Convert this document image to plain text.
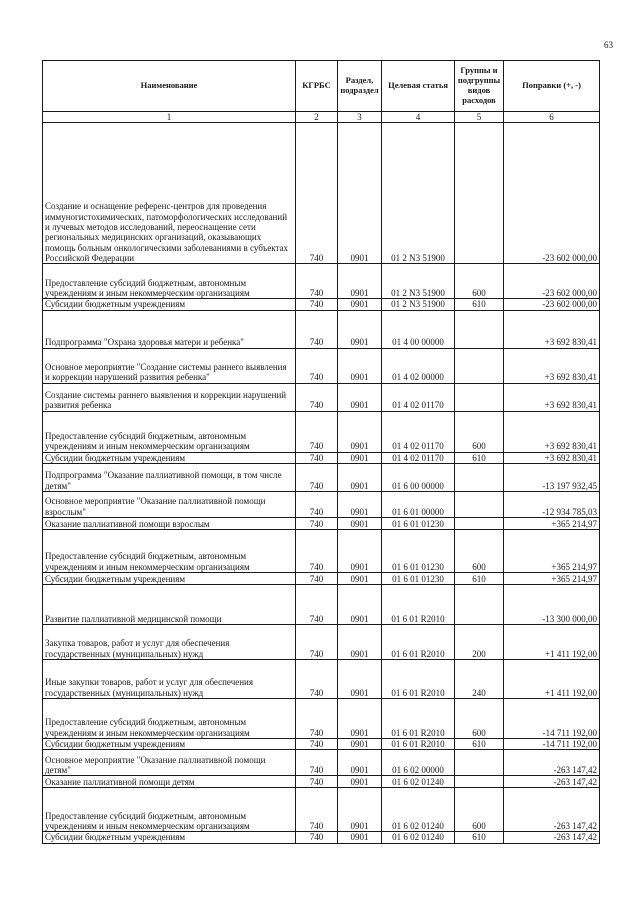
63
Наименование	КГРБС	Раздел, подраздел	Целевая статья	Группы и подгруппы видов расходов	Поправки (+, -)
1	2	3	4	5	6
Создание и оснащение референс-центров для проведения иммуногистохимических, патоморфологических исследований и лучевых методов исследований, переоснащение сети региональных медицинских организаций, оказывающих помощь больным онкологическими заболеваниями в субъектах Российской Федерации	740	0901	01 2 N3 51900		-23 602 000,00
Предоставление субсидий бюджетным, автономным учреждениям и иным некоммерческим организациям	740	0901	01 2 N3 51900	600	-23 602 000,00
Субсидии бюджетным учреждениям	740	0901	01 2 N3 51900	610	-23 602 000,00
Подпрограмма "Охрана здоровья матери и ребенка"	740	0901	01 4 00 00000		+3 692 830,41
Основное мероприятие "Создание системы раннего выявления и коррекции нарушений развития ребенка"	740	0901	01 4 02 00000		+3 692 830,41
Создание системы раннего выявления и коррекции нарушений развития ребенка	740	0901	01 4 02 01170		+3 692 830,41
Предоставление субсидий бюджетным, автономным учреждениям и иным некоммерческим организациям	740	0901	01 4 02 01170	600	+3 692 830,41
Субсидии бюджетным учреждениям	740	0901	01 4 02 01170	610	+3 692 830,41
Подпрограмма "Оказание паллиативной помощи, в том числе детям"	740	0901	01 6 00 00000		-13 197 932,45
Основное мероприятие "Оказание паллиативной помощи взрослым"	740	0901	01 6 01 00000		-12 934 785,03
Оказание паллиативной помощи взрослым	740	0901	01 6 01 01230		+365 214,97
Предоставление субсидий бюджетным, автономным учреждениям и иным некоммерческим организациям	740	0901	01 6 01 01230	600	+365 214,97
Субсидии бюджетным учреждениям	740	0901	01 6 01 01230	610	+365 214,97
Развитие паллиативной медицинской помощи	740	0901	01 6 01 R2010		-13 300 000,00
Закупка товаров, работ и услуг для обеспечения государственных (муниципальных) нужд	740	0901	01 6 01 R2010	200	+1 411 192,00
Иные закупки товаров, работ и услуг для обеспечения государственных (муниципальных) нужд	740	0901	01 6 01 R2010	240	+1 411 192,00
Предоставление субсидий бюджетным, автономным учреждениям и иным некоммерческим организациям	740	0901	01 6 01 R2010	600	-14 711 192,00
Субсидии бюджетным учреждениям	740	0901	01 6 01 R2010	610	-14 711 192,00
Основное мероприятие "Оказание паллиативной помощи детям"	740	0901	01 6 02 00000		-263 147,42
Оказание паллиативной помощи детям	740	0901	01 6 02 01240		-263 147,42
Предоставление субсидий бюджетным, автономным учреждениям и иным некоммерческим организациям	740	0901	01 6 02 01240	600	-263 147,42
Субсидии бюджетным учреждениям	740	0901	01 6 02 01240	610	-263 147,42
